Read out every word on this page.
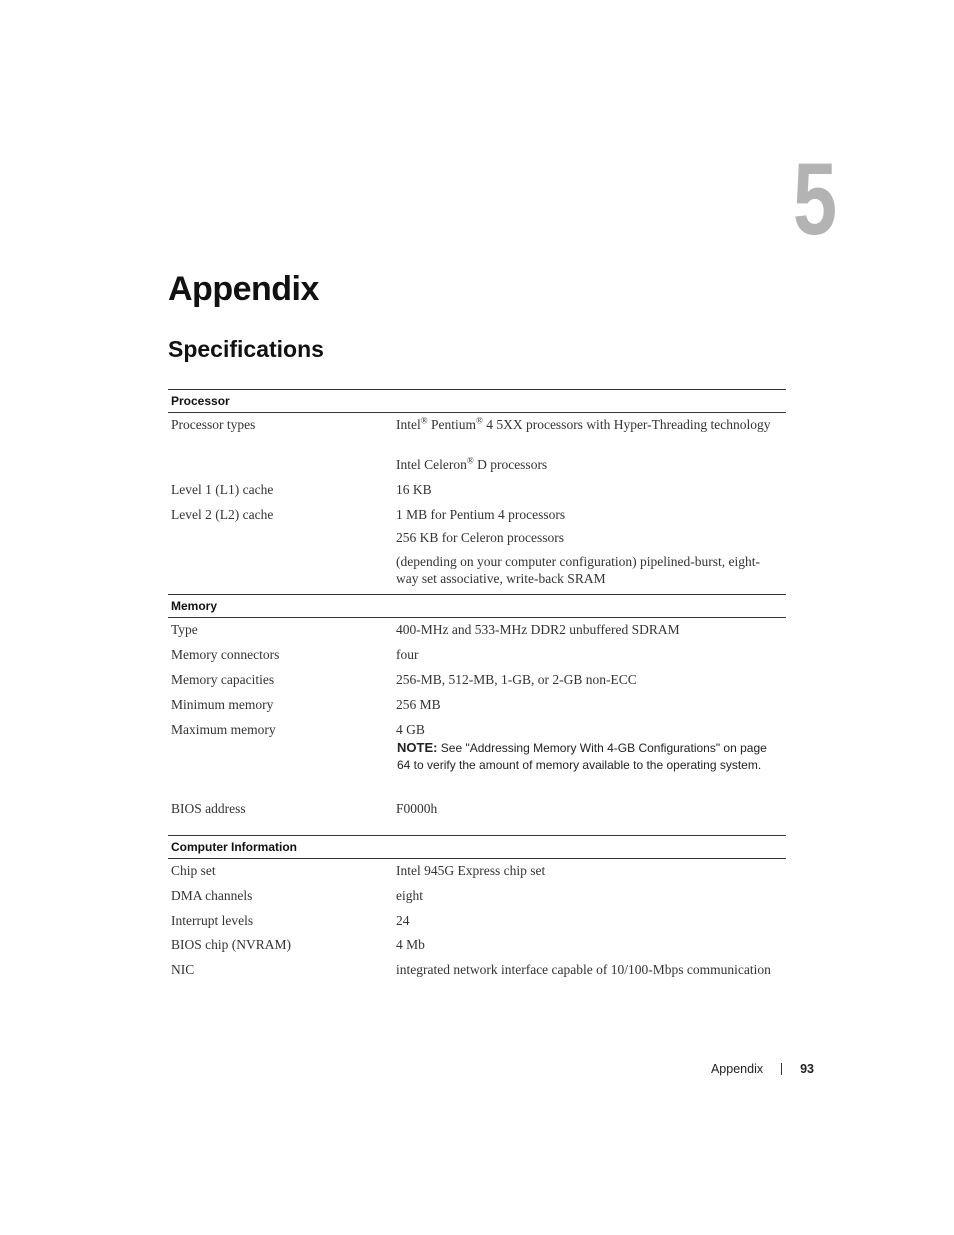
5
Appendix
Specifications
Processor
Processor types	Intel® Pentium® 4 5XX processors with Hyper-Threading technology
Intel Celeron® D processors
Level 1 (L1) cache	16 KB
Level 2 (L2) cache	1 MB for Pentium 4 processors
256 KB for Celeron processors
(depending on your computer configuration) pipelined-burst, eight-way set associative, write-back SRAM
Memory
Type	400-MHz and 533-MHz DDR2 unbuffered SDRAM
Memory connectors	four
Memory capacities	256-MB, 512-MB, 1-GB, or 2-GB non-ECC
Minimum memory	256 MB
Maximum memory	4 GB
NOTE: See "Addressing Memory With 4-GB Configurations" on page 64 to verify the amount of memory available to the operating system.
BIOS address	F0000h
Computer Information
Chip set	Intel 945G Express chip set
DMA channels	eight
Interrupt levels	24
BIOS chip (NVRAM)	4 Mb
NIC	integrated network interface capable of 10/100-Mbps communication
Appendix	93
